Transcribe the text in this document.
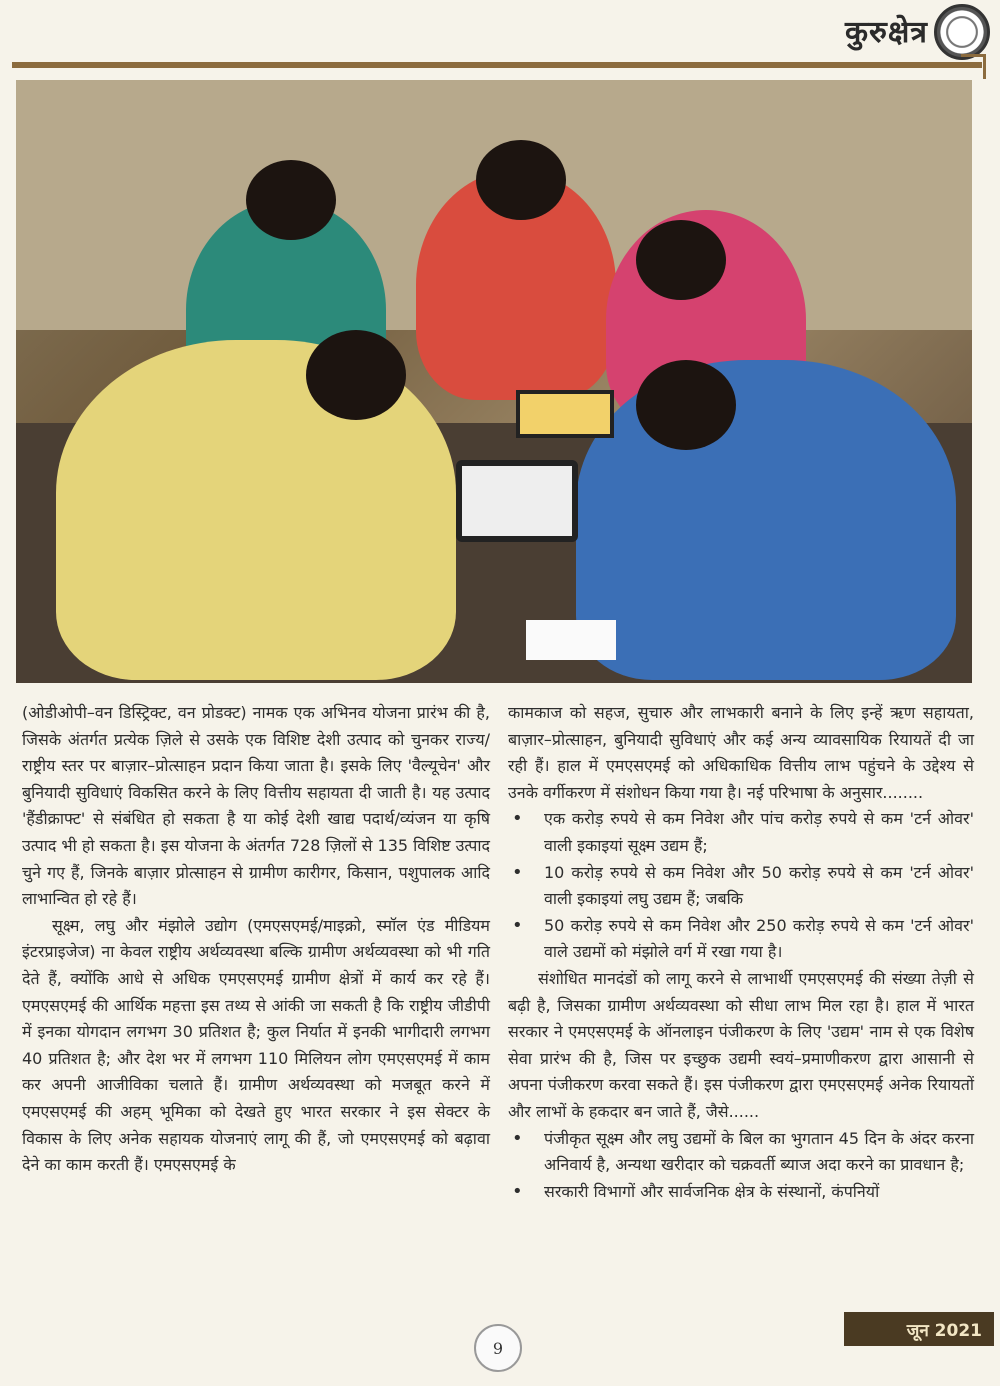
कुरुक्षेत्र

(ओडीओपी–वन डिस्ट्रिक्ट, वन प्रोडक्ट) नामक एक अभिनव योजना प्रारंभ की है, जिसके अंतर्गत प्रत्येक ज़िले से उसके एक विशिष्ट देशी उत्पाद को चुनकर राज्य/राष्ट्रीय स्तर पर बाज़ार–प्रोत्साहन प्रदान किया जाता है। इसके लिए 'वैल्यूचेन' और बुनियादी सुविधाएं विकसित करने के लिए वित्तीय सहायता दी जाती है। यह उत्पाद 'हैंडीक्राफ्ट' से संबंधित हो सकता है या कोई देशी खाद्य पदार्थ/व्यंजन या कृषि उत्पाद भी हो सकता है। इस योजना के अंतर्गत 728 ज़िलों से 135 विशिष्ट उत्पाद चुने गए हैं, जिनके बाज़ार प्रोत्साहन से ग्रामीण कारीगर, किसान, पशुपालक आदि लाभान्वित हो रहे हैं।

सूक्ष्म, लघु और मंझोले उद्योग (एमएसएमई/माइक्रो, स्मॉल एंड मीडियम इंटरप्राइजेज) ना केवल राष्ट्रीय अर्थव्यवस्था बल्कि ग्रामीण अर्थव्यवस्था को भी गति देते हैं, क्योंकि आधे से अधिक एमएसएमई ग्रामीण क्षेत्रों में कार्य कर रहे हैं। एमएसएमई की आर्थिक महत्ता इस तथ्य से आंकी जा सकती है कि राष्ट्रीय जीडीपी में इनका योगदान लगभग 30 प्रतिशत है; कुल निर्यात में इनकी भागीदारी लगभग 40 प्रतिशत है; और देश भर में लगभग 110 मिलियन लोग एमएसएमई में काम कर अपनी आजीविका चलाते हैं। ग्रामीण अर्थव्यवस्था को मजबूत करने में एमएसएमई की अहम् भूमिका को देखते हुए भारत सरकार ने इस सेक्टर के विकास के लिए अनेक सहायक योजनाएं लागू की हैं, जो एमएसएमई को बढ़ावा देने का काम करती हैं। एमएसएमई के

कामकाज को सहज, सुचारु और लाभकारी बनाने के लिए इन्हें ऋण सहायता, बाज़ार–प्रोत्साहन, बुनियादी सुविधाएं और कई अन्य व्यावसायिक रियायतें दी जा रही हैं। हाल में एमएसएमई को अधिकाधिक वित्तीय लाभ पहुंचने के उद्देश्य से उनके वर्गीकरण में संशोधन किया गया है। नई परिभाषा के अनुसार........

• एक करोड़ रुपये से कम निवेश और पांच करोड़ रुपये से कम 'टर्न ओवर' वाली इकाइयां सूक्ष्म उद्यम हैं;
• 10 करोड़ रुपये से कम निवेश और 50 करोड़ रुपये से कम 'टर्न ओवर' वाली इकाइयां लघु उद्यम हैं; जबकि
• 50 करोड़ रुपये से कम निवेश और 250 करोड़ रुपये से कम 'टर्न ओवर' वाले उद्यमों को मंझोले वर्ग में रखा गया है।

संशोधित मानदंडों को लागू करने से लाभार्थी एमएसएमई की संख्या तेज़ी से बढ़ी है, जिसका ग्रामीण अर्थव्यवस्था को सीधा लाभ मिल रहा है। हाल में भारत सरकार ने एमएसएमई के ऑनलाइन पंजीकरण के लिए 'उद्यम' नाम से एक विशेष सेवा प्रारंभ की है, जिस पर इच्छुक उद्यमी स्वयं–प्रमाणीकरण द्वारा आसानी से अपना पंजीकरण करवा सकते हैं। इस पंजीकरण द्वारा एमएसएमई अनेक रियायतों और लाभों के हकदार बन जाते हैं, जैसे......

• पंजीकृत सूक्ष्म और लघु उद्यमों के बिल का भुगतान 45 दिन के अंदर करना अनिवार्य है, अन्यथा खरीदार को चक्रवर्ती ब्याज अदा करने का प्रावधान है;
• सरकारी विभागों और सार्वजनिक क्षेत्र के संस्थानों, कंपनियों
9
जून 2021
